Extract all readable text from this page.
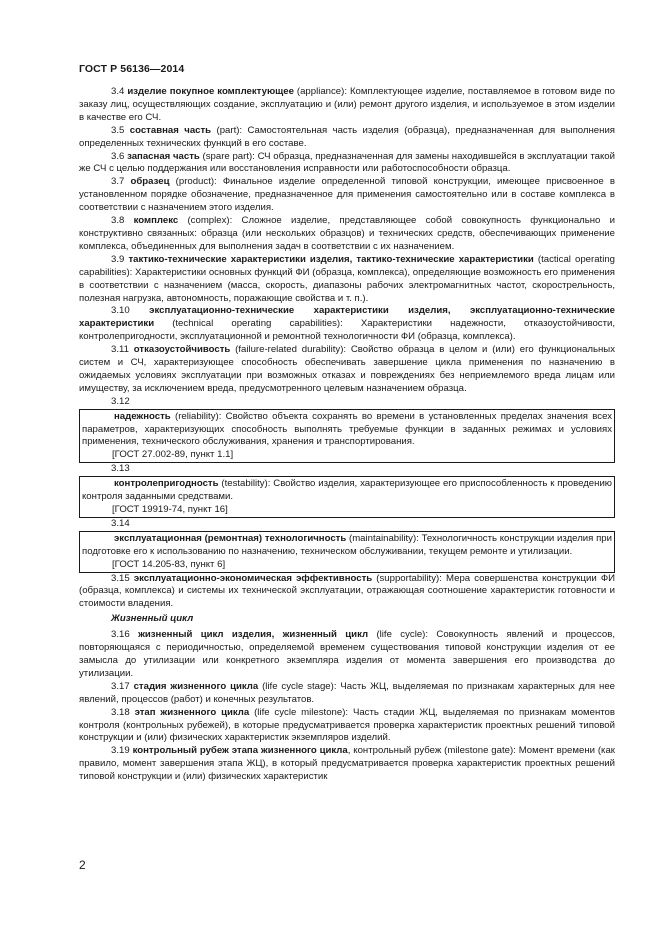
ГОСТ Р 56136—2014

3.4 изделие покупное комплектующее (appliance): Комплектующее изделие, поставляемое в готовом виде по заказу лиц, осуществляющих создание, эксплуатацию и (или) ремонт другого изделия, и используемое в этом изделии в качестве его СЧ.

3.5 составная часть (part): Самостоятельная часть изделия (образца), предназначенная для выполнения определенных технических функций в его составе.

3.6 запасная часть (spare part): СЧ образца, предназначенная для замены находившейся в эксплуатации такой же СЧ с целью поддержания или восстановления исправности или работоспособности образца.

3.7 образец (product): Финальное изделие определенной типовой конструкции, имеющее присвоенное в установленном порядке обозначение, предназначенное для применения самостоятельно или в составе комплекса в соответствии с назначением этого изделия.

3.8 комплекс (complex): Сложное изделие, представляющее собой совокупность функционально и конструктивно связанных: образца (или нескольких образцов) и технических средств, обеспечивающих применение комплекса, объединенных для выполнения задач в соответствии с их назначением.

3.9 тактико-технические характеристики изделия, тактико-технические характеристики (tactical operating capabilities): Характеристики основных функций ФИ (образца, комплекса), определяющие возможность его применения в соответствии с назначением (масса, скорость, диапазоны рабочих электромагнитных частот, скорострельность, полезная нагрузка, автономность, поражающие свойства и т. п.).

3.10 эксплуатационно-технические характеристики изделия, эксплуатационно-технические характеристики (technical operating capabilities): Характеристики надежности, отказоустойчивости, контролепригодности, эксплуатационной и ремонтной технологичности ФИ (образца, комплекса).

3.11 отказоустойчивость (failure-related durability): Свойство образца в целом и (или) его функциональных систем и СЧ, характеризующее способность обеспечивать завершение цикла применения по назначению в ожидаемых условиях эксплуатации при возможных отказах и повреждениях без неприемлемого вреда лицам или имуществу, за исключением вреда, предусмотренного целевым назначением образца.

3.12

надежность (reliability): Свойство объекта сохранять во времени в установленных пределах значения всех параметров, характеризующих способность выполнять требуемые функции в заданных режимах и условиях применения, технического обслуживания, хранения и транспортирования.

[ГОСТ 27.002-89, пункт 1.1]
3.13

контролепригодность (testability): Свойство изделия, характеризующее его приспособленность к проведению контроля заданными средствами.

[ГОСТ 19919-74, пункт 16]
3.14

эксплуатационная (ремонтная) технологичность (maintainability): Технологичность конструкции изделия при подготовке его к использованию по назначению, техническом обслуживании, текущем ремонте и утилизации.

[ГОСТ 14.205-83, пункт 6]

3.15 эксплуатационно-экономическая эффективность (supportability): Мера совершенства конструкции ФИ (образца, комплекса) и системы их технической эксплуатации, отражающая соотношение характеристик готовности и стоимости владения.

Жизненный цикл

3.16 жизненный цикл изделия, жизненный цикл (life cycle): Совокупность явлений и процессов, повторяющаяся с периодичностью, определяемой временем существования типовой конструкции изделия от ее замысла до утилизации или конкретного экземпляра изделия от момента завершения его производства до утилизации.

3.17 стадия жизненного цикла (life cycle stage): Часть ЖЦ, выделяемая по признакам характерных для нее явлений, процессов (работ) и конечных результатов.

3.18 этап жизненного цикла (life cycle milestone): Часть стадии ЖЦ, выделяемая по признакам моментов контроля (контрольных рубежей), в которые предусматривается проверка характеристик проектных решений типовой конструкции и (или) физических характеристик экземпляров изделий.

3.19 контрольный рубеж этапа жизненного цикла, контрольный рубеж (milestone gate): Момент времени (как правило, момент завершения этапа ЖЦ), в который предусматривается проверка характеристик проектных решений типовой конструкции и (или) физических характеристик

2
